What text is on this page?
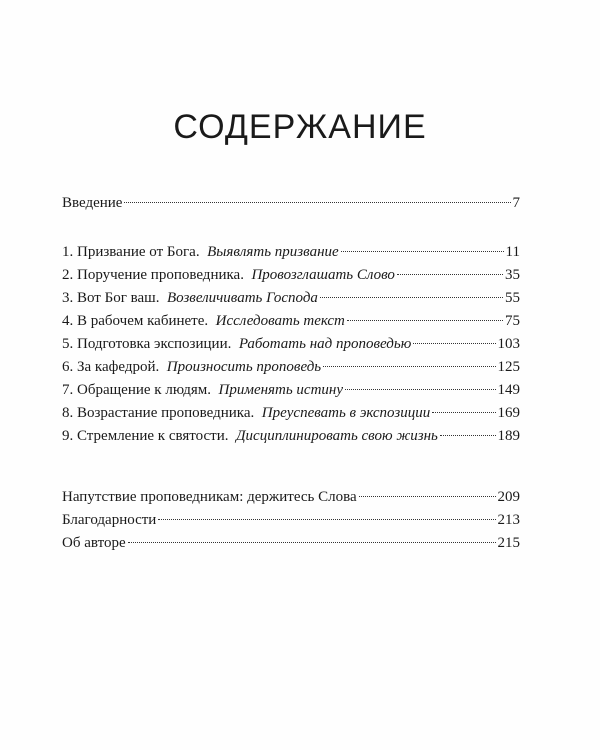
СОДЕРЖАНИЕ
Введение	7
1. Призвание от Бога. Выявлять призвание	11
2. Поручение проповедника. Провозглашать Слово	35
3. Вот Бог ваш. Возвеличивать Господа	55
4. В рабочем кабинете. Исследовать текст	75
5. Подготовка экспозиции. Работать над проповедью	103
6. За кафедрой. Произносить проповедь	125
7. Обращение к людям. Применять истину	149
8. Возрастание проповедника. Преуспевать в экспозиции	169
9. Стремление к святости. Дисциплинировать свою жизнь	189
Напутствие проповедникам: держитесь Слова	209
Благодарности	213
Об авторе	215
